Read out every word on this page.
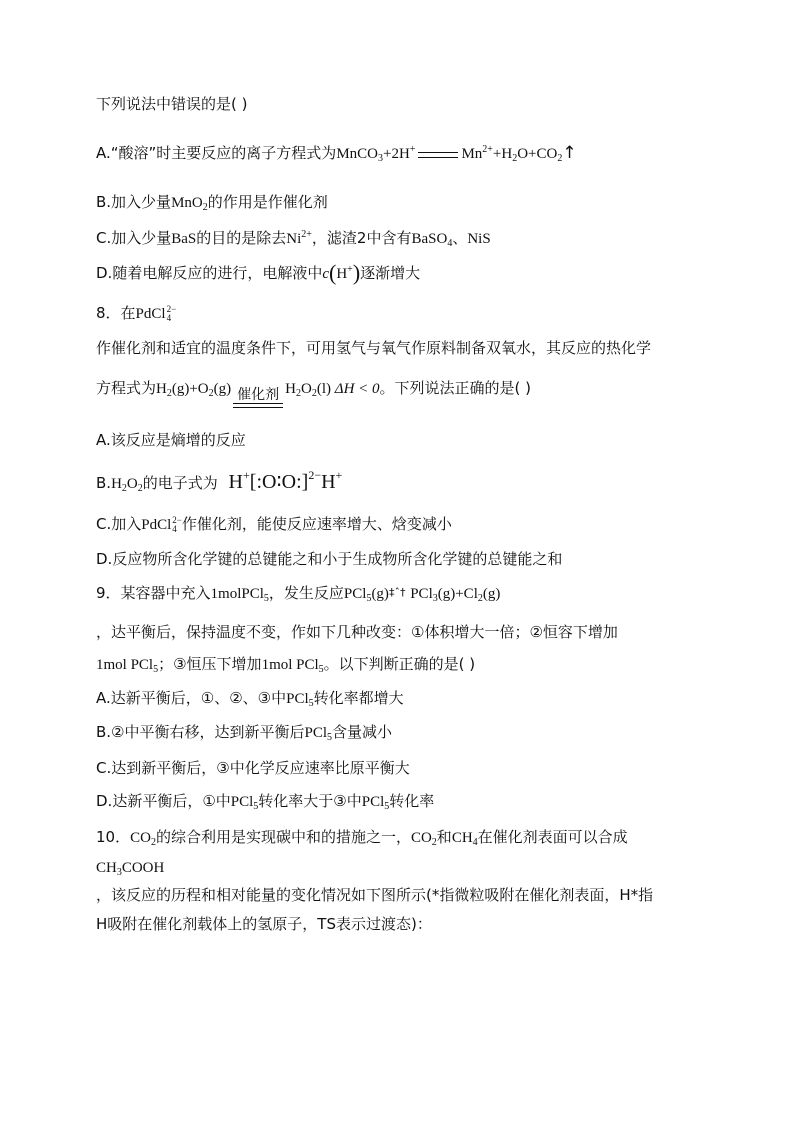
下列说法中错误的是( )
A.“酸溶”时主要反应的离子方程式为MnCO$_3$+2H+	$Mn^{2+}+H_2O+CO_2↑$
B.加入少量MnO$_2$的作用是作催化剂
C.加入少量BaS的目的是除去$Ni^{2+}$，滤渣2中含有BaSO$_4$、NiS
D.随着电解反应的进行，电解液中c(H+)逐渐增大
8．在PdCl 2−
4
作催化剂和适宜的温度条件下，可用氢气与氧气作原料制备双氧水，其反应的热化学
方程式为$H_2(g)+O_2(g)$ 催化剂 $H_2O_2(l) \Delta H < 0$。下列说法正确的是( )
A.该反应是熵增的反应
$B.H_2O_2$的电子式为 H+[:O∶O:]$^{2-}$H+
C.加入PdCl 2−
4 作催化剂，能使反应速率增大、焓变减小
D.反应物所含化学键的总键能之和小于生成物所含化学键的总键能之和
9．某容器中充入1molPCl$_5$，发生反应PCl$_5$(g)‡ˆ† $PCl_3(g)+Cl_2(g)$
，达平衡后，保持温度不变，作如下几种改变：①体积增大一倍；②恒容下增加
1mol PCl$_5$；③恒压下增加1mol PCl$_5$。以下判断正确的是( )
A.达新平衡后，①、②、③中PCl$_5$转化率都增大
B.②中平衡右移，达到新平衡后PCl$_5$含量减小
C.达到新平衡后，③中化学反应速率比原平衡大
D.达新平衡后，①中PCl$_5$转化率大于③中PCl$_5$转化率
10．$CO_2$的综合利用是实现碳中和的措施之一，$CO_2$和$CH_4$在催化剂表面可以合成
$CH_3COOH$
，该反应的历程和相对能量的变化情况如下图所示(*指微粒吸附在催化剂表面，H*指
H吸附在催化剂载体上的氢原子，TS表示过渡态)：
